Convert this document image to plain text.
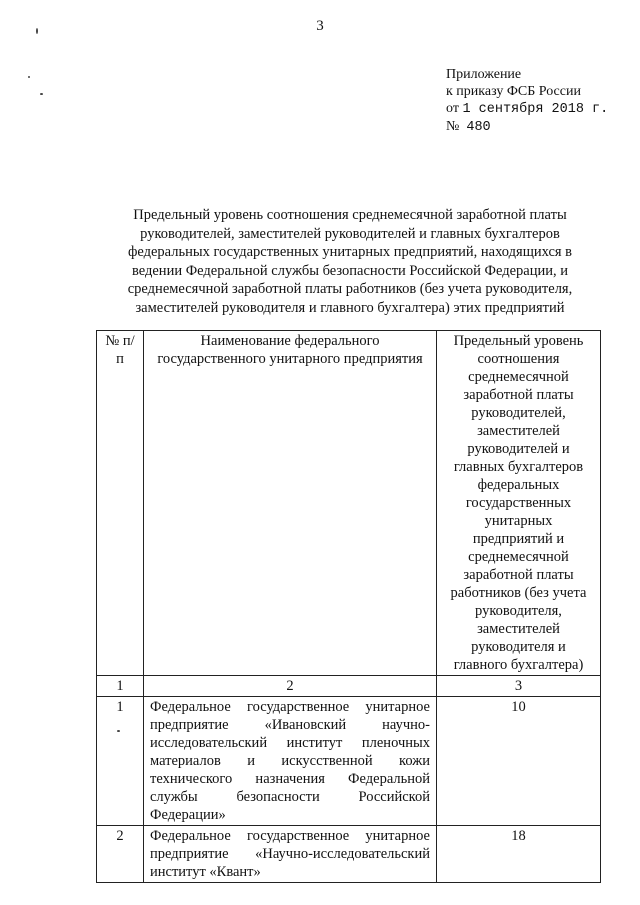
3
Приложение
к приказу ФСБ России
от 1 сентября 2018 г.
№ 480
Предельный уровень соотношения среднемесячной заработной платы
руководителей, заместителей руководителей и главных бухгалтеров
федеральных государственных унитарных предприятий, находящихся в
ведении Федеральной службы безопасности Российской Федерации, и
среднемесячной заработной платы работников (без учета руководителя,
заместителей руководителя и главного бухгалтера) этих предприятий
№ п/п	Наименование федерального государственного унитарного предприятия	Предельный уровень соотношения среднемесячной заработной платы руководителей, заместителей руководителей и главных бухгалтеров федеральных государственных унитарных предприятий и среднемесячной заработной платы работников (без учета руководителя, заместителей руководителя и главного бухгалтера)
1	2	3
1	Федеральное государственное унитарное предприятие «Ивановский научно-исследовательский институт пленочных материалов и искусственной кожи технического назначения Федеральной службы безопасности Российской Федерации»	10
2	Федеральное государственное унитарное предприятие «Научно-исследовательский институт «Квант»	18
